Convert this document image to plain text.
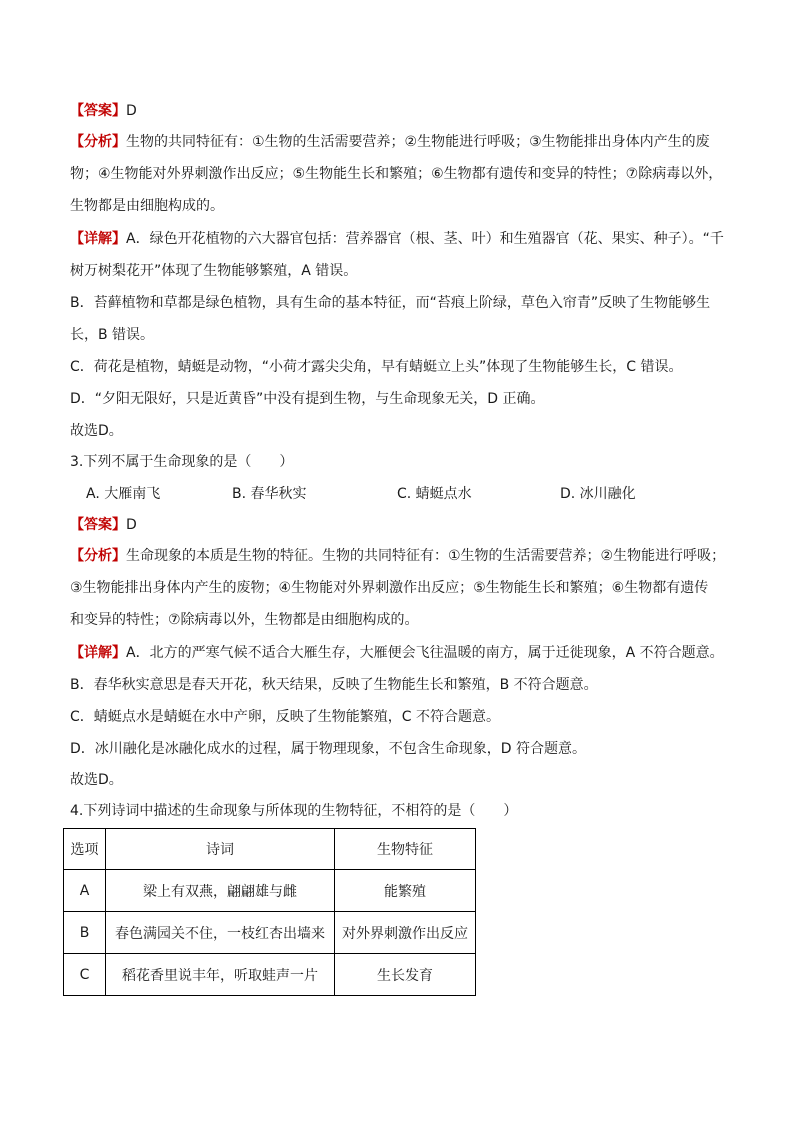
【答案】D
【分析】生物的共同特征有：①生物的生活需要营养；②生物能进行呼吸；③生物能排出身体内产生的废
物；④生物能对外界刺激作出反应；⑤生物能生长和繁殖；⑥生物都有遗传和变异的特性；⑦除病毒以外，
生物都是由细胞构成的。
【详解】A．绿色开花植物的六大器官包括：营养器官（根、茎、叶）和生殖器官（花、果实、种子）。“千
树万树梨花开”体现了生物能够繁殖，A 错误。
B．苔藓植物和草都是绿色植物，具有生命的基本特征，而“苔痕上阶绿，草色入帘青”反映了生物能够生
长，B 错误。
C．荷花是植物，蜻蜓是动物，“小荷才露尖尖角，早有蜻蜓立上头”体现了生物能够生长，C 错误。
D．“夕阳无限好，只是近黄昏”中没有提到生物，与生命现象无关，D 正确。
故选D。
3.下列不属于生命现象的是（　　）
A. 大雁南飞	B. 春华秋实	C. 蜻蜓点水	D. 冰川融化
【答案】D
【分析】生命现象的本质是生物的特征。生物的共同特征有：①生物的生活需要营养；②生物能进行呼吸；
③生物能排出身体内产生的废物；④生物能对外界刺激作出反应；⑤生物能生长和繁殖；⑥生物都有遗传
和变异的特性；⑦除病毒以外，生物都是由细胞构成的。
【详解】A．北方的严寒气候不适合大雁生存，大雁便会飞往温暖的南方，属于迁徙现象，A 不符合题意。
B．春华秋实意思是春天开花，秋天结果，反映了生物能生长和繁殖，B 不符合题意。
C．蜻蜓点水是蜻蜓在水中产卵，反映了生物能繁殖，C 不符合题意。
D．冰川融化是冰融化成水的过程，属于物理现象，不包含生命现象，D 符合题意。
故选D。
4.下列诗词中描述的生命现象与所体现的生物特征，不相符的是（　　）
选项	诗词	生物特征
A	梁上有双燕，翩翩雄与雌	能繁殖
B	春色满园关不住，一枝红杏出墙来	对外界刺激作出反应
C	稻花香里说丰年，听取蛙声一片	生长发育
